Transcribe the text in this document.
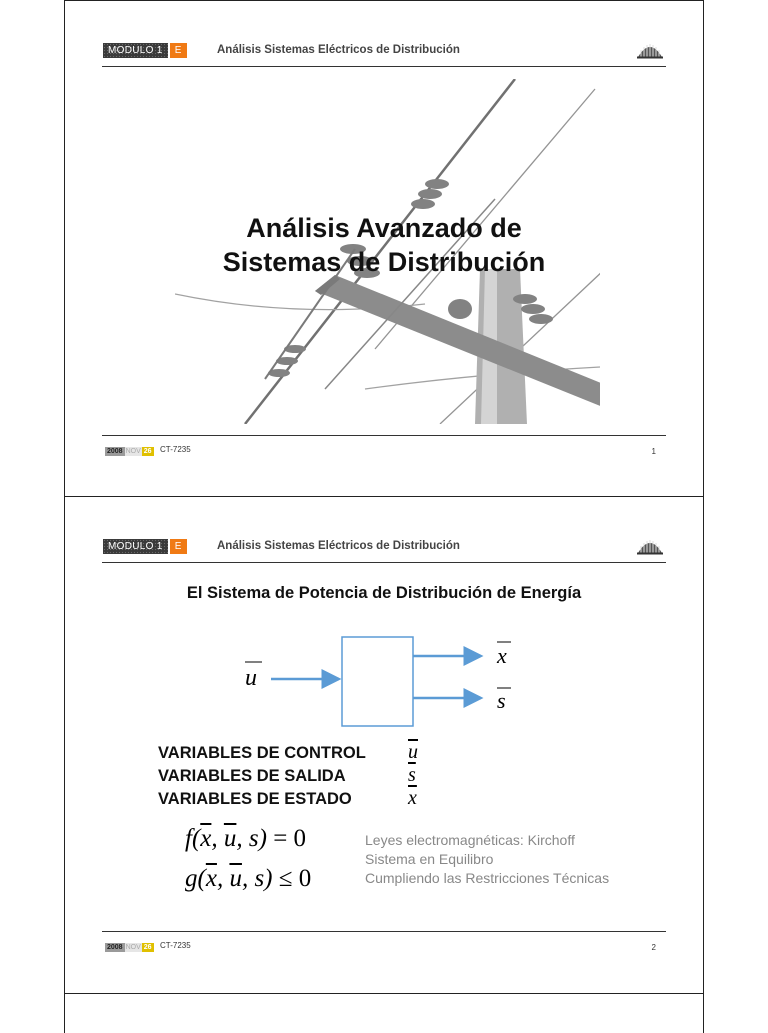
MODULO 1	E	Análisis Sistemas Eléctricos de Distribución
Análisis Avanzado de
Sistemas de Distribución
2008 NOV 26 CT-7235	1
MODULO 1	E	Análisis Sistemas Eléctricos de Distribución
El Sistema de Potencia de Distribución de Energía
u
x
s
VARIABLES DE CONTROL	$\overline{u}$
VARIABLES DE SALIDA	$\overline{s}$
VARIABLES DE ESTADO	$\overline{x}$
$f(\overline{x}$, $\overline{u}$, s) = 0
$g(\overline{x}$, $\overline{u}$, s) ≤ 0
Leyes electromagnéticas: Kirchoff
Sistema en Equilibro
Cumpliendo las Restricciones Técnicas
2008 NOV 26 CT-7235	2
